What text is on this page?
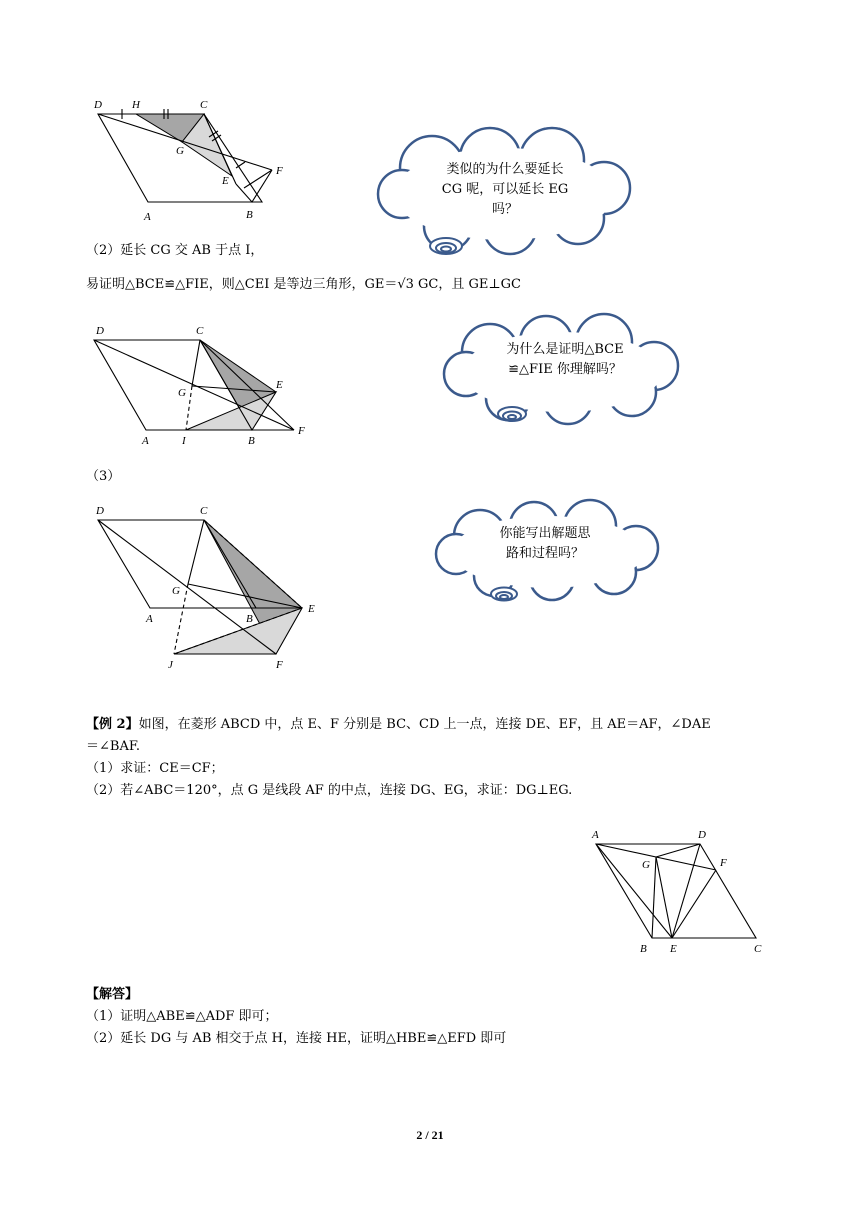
D	H	C
G
E
F
A	B
类似的为什么要延长
CG 呢，可以延长 EG
吗？
（2）延长 CG 交 AB 于点 I，
易证明△BCE≌△FIE，则△CEI 是等边三角形，GE＝√3 GC，且 GE⊥GC
D	C
G
E
A	I	B
F
为什么是证明△BCE
≌△FIE 你理解吗？
（3）
D	C
G
E
A	B
J	F
你能写出解题思
路和过程吗？
【例 2】如图，在菱形 ABCD 中，点 E、F 分别是 BC、CD 上一点，连接 DE、EF，且 AE＝AF，∠DAE
＝∠BAF.
（1）求证：CE＝CF；
（2）若∠ABC＝120°，点 G 是线段 AF 的中点，连接 DG、EG，求证：DG⊥EG.
A	D
G	F
B E	C
【解答】
（1）证明△ABE≌△ADF 即可；
（2）延长 DG 与 AB 相交于点 H，连接 HE，证明△HBE≌△EFD 即可
2 / 21
